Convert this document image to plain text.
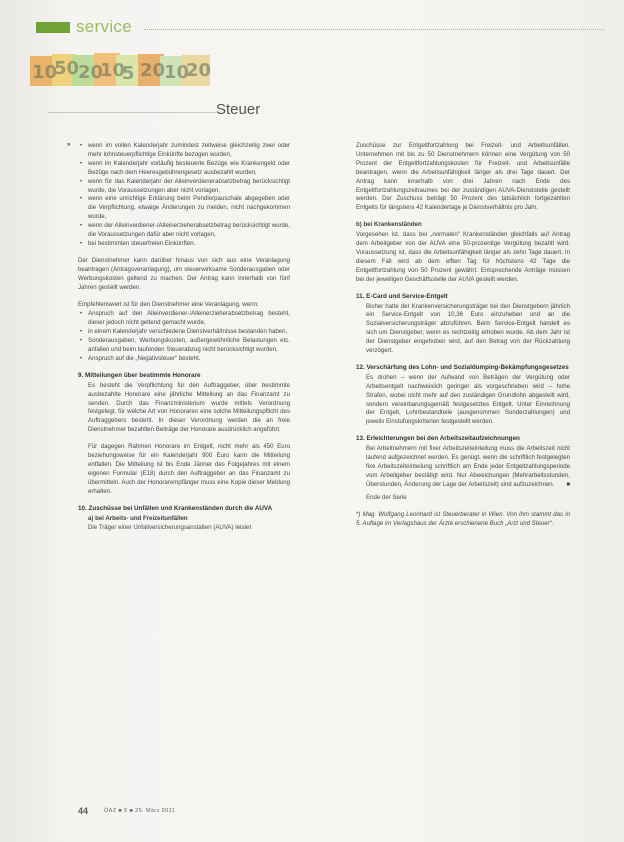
service
10
50
20
10
5 20
10
20
Steuer
»
•	wenn im vollen Kalenderjahr zumindest zeitweise gleichzeitig zwei oder mehr lohnsteuerpflichtige Einkünfte bezogen wurden,
• wenn im Kalenderjahr vorläufig besteuerte Bezüge wie Krankengeld oder Bezüge nach dem Heeresgebührengesetz ausbezahlt wurden,
• wenn für das Kalenderjahr der Alleinverdienerabsetzbetrag berücksichtigt wurde, die Voraussetzungen aber nicht vorlagen,
• wenn eine unrichtige Erklärung beim Pendlerpauschale abgegeben oder die Verpflichtung, etwaige Änderungen zu melden, nicht nachgekommen wurde,
• wenn der Alleinverdiener-/Alleinerzieherabsetzbetrag berücksichtigt wurde, die Voraussetzungen dafür aber nicht vorlagen,
• bei bestimmten steuerfreien Einkünften.

Der Dienstnehmer kann darüber hinaus von sich aus eine Veranlagung beantragen (Antragsveranlagung), um steuerwirksame Sonderausgaben oder Werbungskosten geltend zu machen. Der Antrag kann innerhalb von fünf Jahren gestellt werden.

Empfehlenswert ist für den Dienstnehmer eine Veranlagung, wenn:

• Anspruch auf den Alleinverdiener-/Alleinerzieherabsetzbetrag besteht, dieser jedoch nicht geltend gemacht wurde,
• in einem Kalenderjahr verschiedene Dienstverhältnisse bestanden haben,
• Sonderausgaben, Werbungskosten, außergewöhnliche Belastungen etc. anfallen und beim laufenden Steuerabzug nicht berücksichtigt wurden,
• Anspruch auf die „Negativsteuer“ besteht.
9. Mitteilungen über bestimmte Honorare

Es besteht die Verpflichtung für den Auftraggeber, über bestimmte ausbezahlte Honorare eine jährliche Mitteilung an das Finanzamt zu senden. Durch das Finanzministerium wurde mittels Verordnung festgelegt, für welche Art von Honoraren eine solche Mitteilungspflicht des Auftraggebers besteht. In dieser Verordnung werden die an freie Dienstnehmer bezahlten Beiträge der Honorare ausdrücklich angeführt.

Für dagegen Rahmen Honorare im Entgelt, nicht mehr als 450 Euro beziehungsweise für ein Kalenderjahr 900 Euro kann die Mitteilung entfallen. Die Mitteilung ist bis Ende Jänner des Folgejahres mit einem eigenen Formular (E18) durch den Auftraggeber an das Finanzamt zu übermitteln. Auch der Honorarempfänger muss eine Kopie dieser Meldung erhalten.

10. Zuschüsse bei Unfällen und Krankenständen durch die AUVA
a) bei Arbeits- und Freizeitunfällen

Die Träger einer Unfallversicherungsanstalten (AUVA) leistet

Zuschüsse zur Entgeltfortzahlung bei Freizeit- und Arbeitsunfällen. Unternehmen mit bis zu 50 Dienstnehmern können eine Vergütung von 50 Prozent der Entgeltfortzahlungskosten für Freizeit- und Arbeitsunfälle beantragen, wenn die Arbeitsunfähigkeit länger als drei Tage dauert. Der Antrag kann innerhalb von drei Jahren nach Ende des Entgeltfortzahlungszeitraumes bei der zuständigen AUVA-Dienststelle gestellt werden. Der Zuschuss beträgt 50 Prozent des tatsächlich fortgezahlten Entgelts für längstens 42 Kalendertage je Dienstverhältnis pro Jahr.

b) bei Krankenständen

Vorgesehen ist, dass bei „normalen“ Krankenständen gleichfalls auf Antrag dem Arbeitgeber von der AUVA eine 50-prozentige Vergütung bezahlt wird. Voraussetzung ist, dass die Arbeitsunfähigkeit länger als zehn Tage dauert. In diesem Fall wird ab dem elften Tag für höchstens 42 Tage die Entgeltfortzahlung von 50 Prozent gewährt. Entsprechende Anträge müssen bei der jeweiligen Geschäftsstelle der AUVA gestellt werden.

11. E-Card und Service-Entgelt

Bisher hatte der Krankenversicherungsträger bei den Dienstgebern jährlich ein Service-Entgelt von 10,36 Euro einzuheben und an die Sozialversicherungsträger abzuführen. Beim Service-Entgelt handelt es sich um Dienstgeber, wenn es rechtzeitig erhoben wurde. Ab dem Jahr ist der Dienstgeber eingehoben wird, auf den Betrag von der Rückzahlung verzögert.

12. Verschärfung des Lohn- und Sozialdumping-Bekämpfungsgesetzes

Es drohen – wenn der Aufwand von Beträgen der Vergütung oder Arbeitsentgelt nachweislich geringer als vorgeschrieben wird – hohe Strafen, wobei nicht mehr auf den zuständigen Grundlohn abgestellt wird, sondern vereinbarungsgemäß festgesetztes Entgelt. Unter Einrechnung der Entgelt, Lohnbestandteile (ausgenommen Sonderzahlungen) und jeweils Einstufungskriterien festgestellt werden.

13. Erleichterungen bei den Arbeitszeitaufzeichnungen

Bei Arbeitnehmern mit fixer Arbeitszeiteinteilung muss die Arbeitszeit nicht laufend aufgezeichnet werden. Es genügt, wenn die schriftlich festgelegten fixe Arbeitszeiteinteilung schriftlich am Ende jeder Entgeltzahlungsperiode vom Arbeitgeber bestätigt wird. Nur Abweichungen (Mehrarbeitsstunden, Überstunden, Änderung der Lage der Arbeitszeit) sind aufzuzeichnen. ■

Ende der Serie

*) Mag. Wolfgang Leonhard ist Steuerberater in Wien. Von ihm stammt das in 5. Auflage im Verlagshaus der Ärzte erschienene Buch „Arzt und Steuer“.

44	ÖAZ ■ 6 ■ 25. März 2011
